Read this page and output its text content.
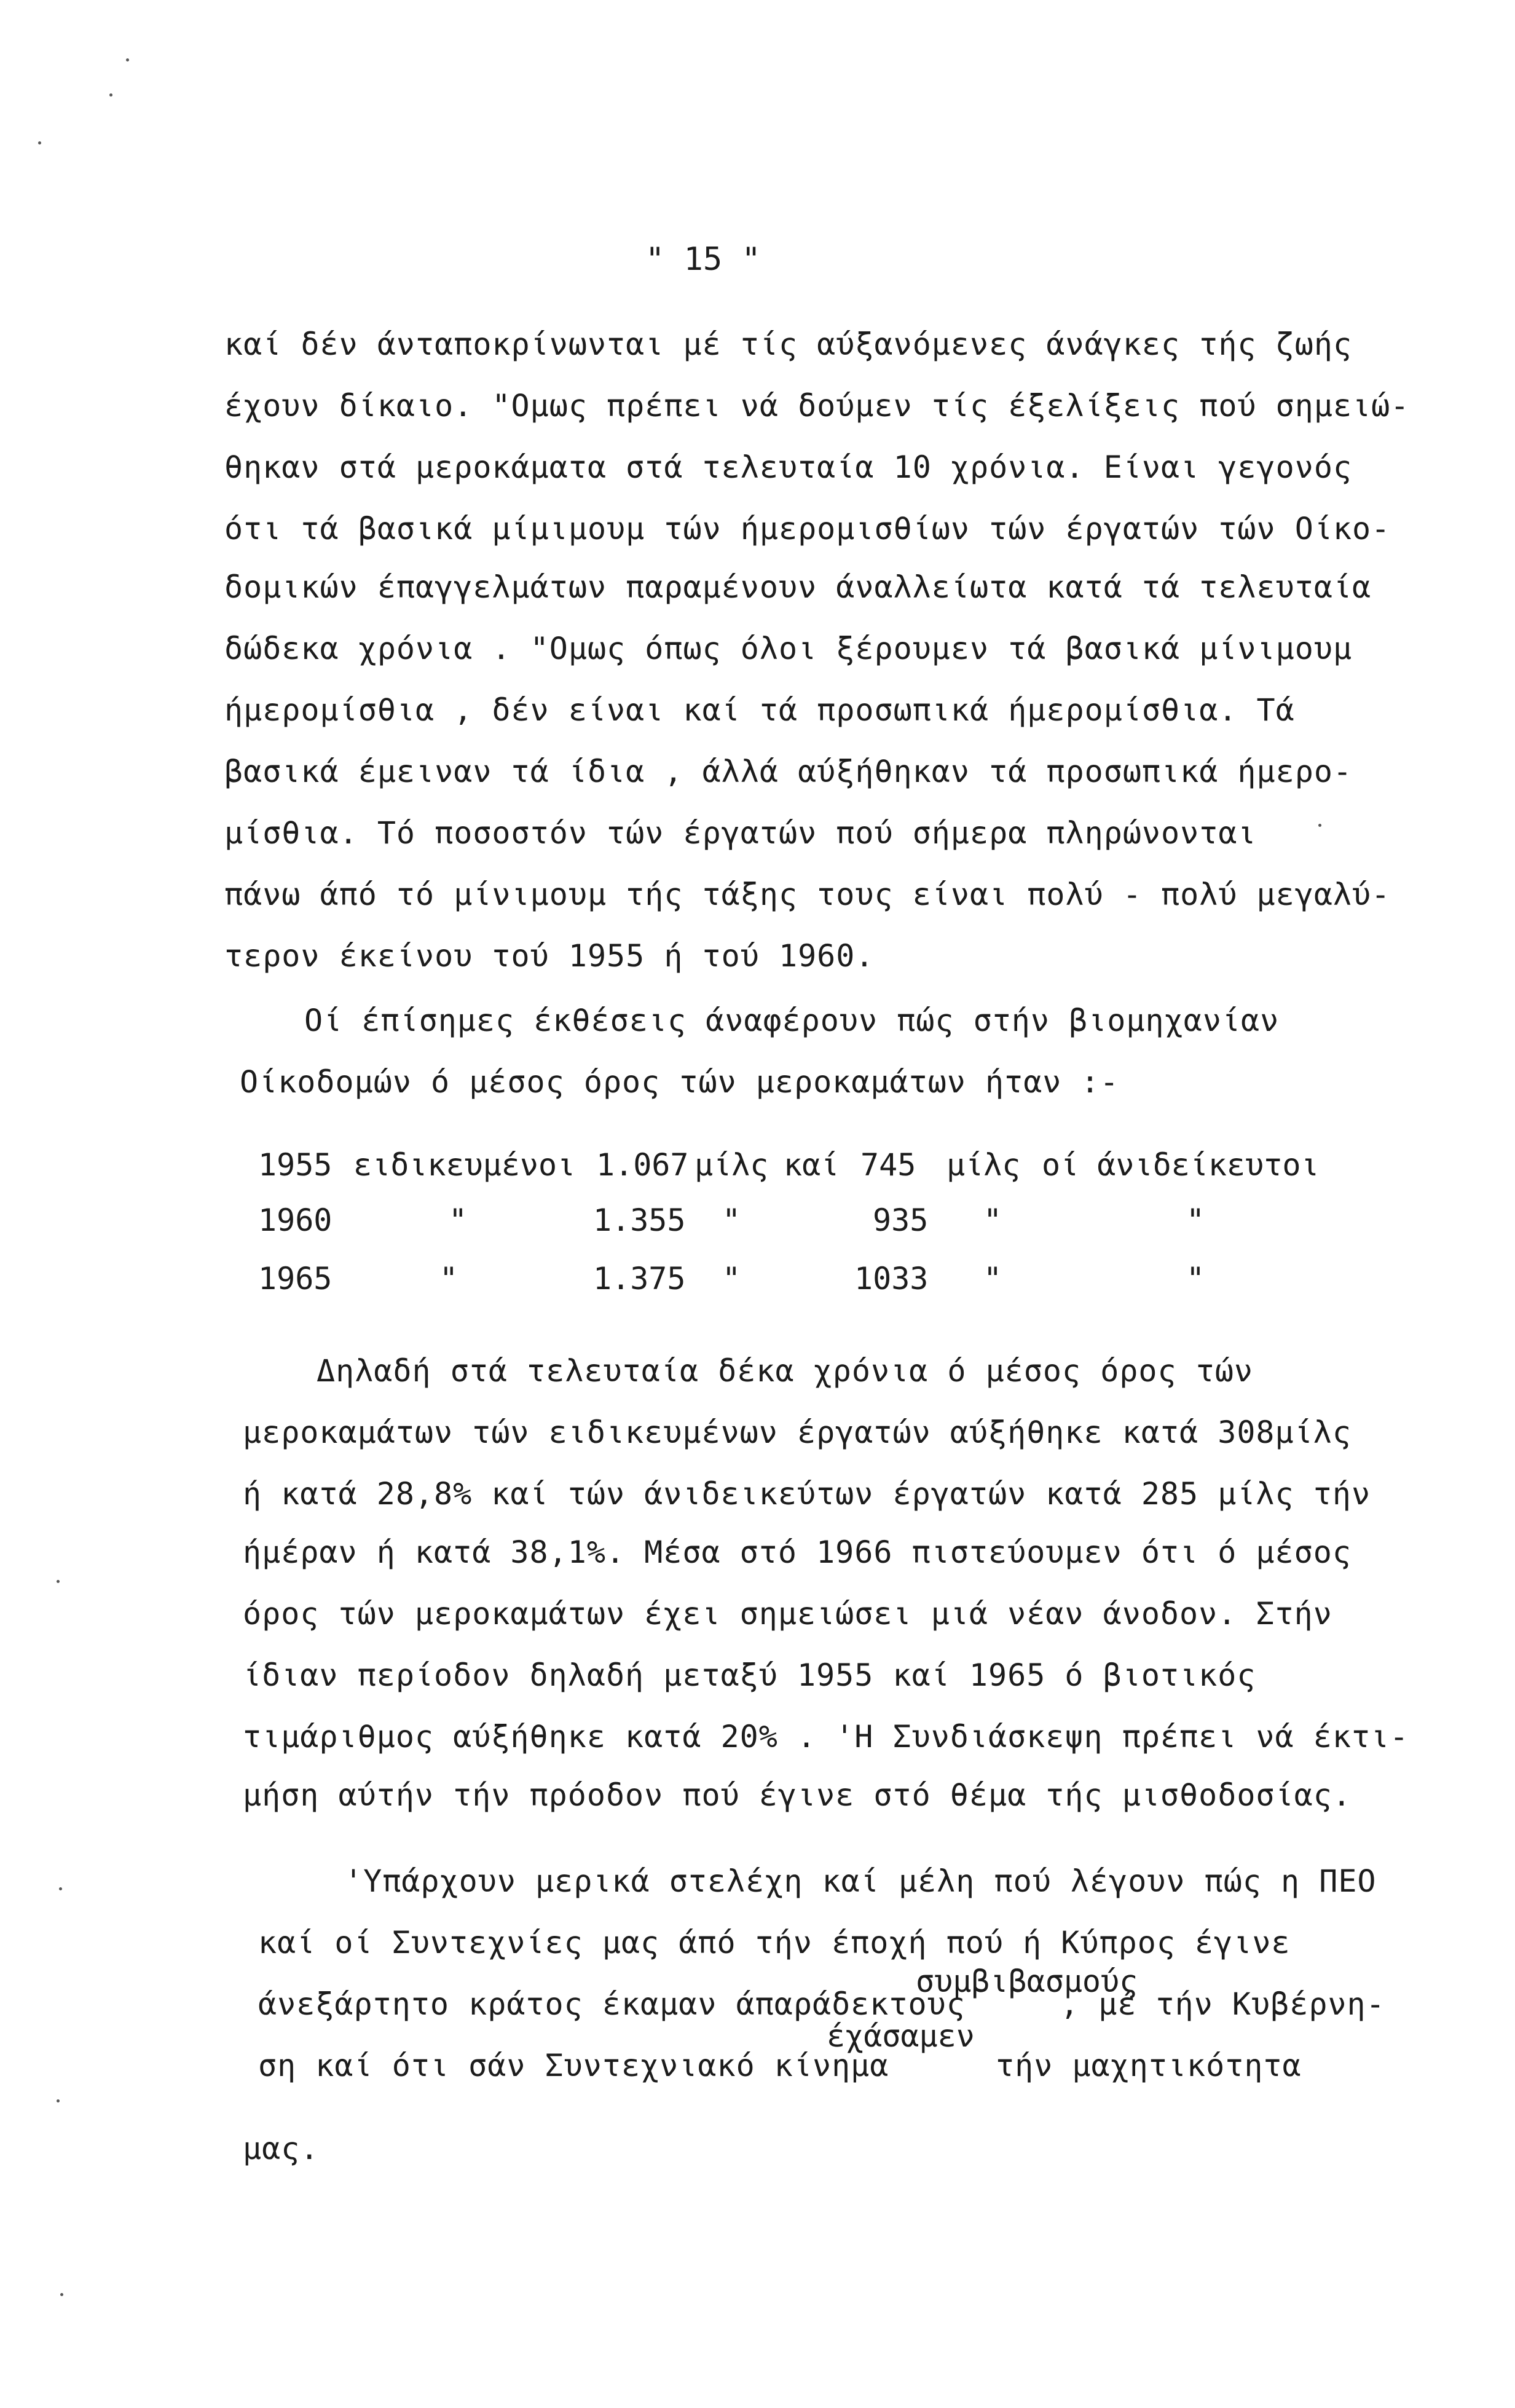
" 15 "
καί δέν άνταποκρίνωνται μέ τίς αύξανόμενες άνάγκες τής ζωής
έχουν δίκαιο. "Ομως πρέπει νά δούμεν τίς έξελίξεις πού σημειώ-
θηκαν στά μεροκάματα στά τελευταία 10 χρόνια. Είναι γεγονός
ότι τά βασικά μίμιμουμ τών ήμερομισθίων τών έργατών τών Οίκο-
δομικών έπαγγελμάτων παραμένουν άναλλείωτα κατά τά τελευταία
δώδεκα χρόνια . "Ομως όπως όλοι ξέρουμεν τά βασικά μίνιμουμ
ήμερομίσθια , δέν είναι καί τά προσωπικά ήμερομίσθια. Τά
βασικά έμειναν τά ίδια , άλλά αύξήθηκαν τά προσωπικά ήμερο-
μίσθια. Τό ποσοστόν τών έργατών πού σήμερα πληρώνονται
πάνω άπό τό μίνιμουμ τής τάξης τους είναι πολύ - πολύ μεγαλύ-
τερον έκείνου τού 1955 ή τού 1960.
Οί έπίσημες έκθέσεις άναφέρουν πώς στήν βιομηχανίαν
Οίκοδομών ό μέσος όρος τών μεροκαμάτων ήταν :-
1955 ειδικευμένοι 1.067 μίλς καί 745 μίλς οί άνιδείκευτοι
1960	"	1.355 "	935 "	"
1965	"	1.375 "	1033 "	"
Δηλαδή στά τελευταία δέκα χρόνια ό μέσος όρος τών
μεροκαμάτων τών ειδικευμένων έργατών αύξήθηκε κατά 308μίλς
ή κατά 28,8% καί τών άνιδεικεύτων έργατών κατά 285 μίλς τήν
ήμέραν ή κατά 38,1%. Μέσα στό 1966 πιστεύουμεν ότι ό μέσος
όρος τών μεροκαμάτων έχει σημειώσει μιά νέαν άνοδον. Στήν
ίδιαν περίοδον δηλαδή μεταξύ 1955 καί 1965 ό βιοτικός
τιμάριθμος αύξήθηκε κατά 20% . 'Η Συνδιάσκεψη πρέπει νά έκτι-
μήση αύτήν τήν πρόοδον πού έγινε στό θέμα τής μισθοδοσίας.
'Υπάρχουν μερικά στελέχη καί μέλη πού λέγουν πώς η ΠΕΟ
καί οί Συντεχνίες μας άπό τήν έποχή πού ή Κύπρος έγινε
συμβιβασμούς
άνεξάρτητο κράτος έκαμαν άπαράδεκτους	, μέ τήν Κυβέρνη-
έχάσαμεν
ση καί ότι σάν Συντεχνιακό κίνημα	τήν μαχητικότητα
μας.
